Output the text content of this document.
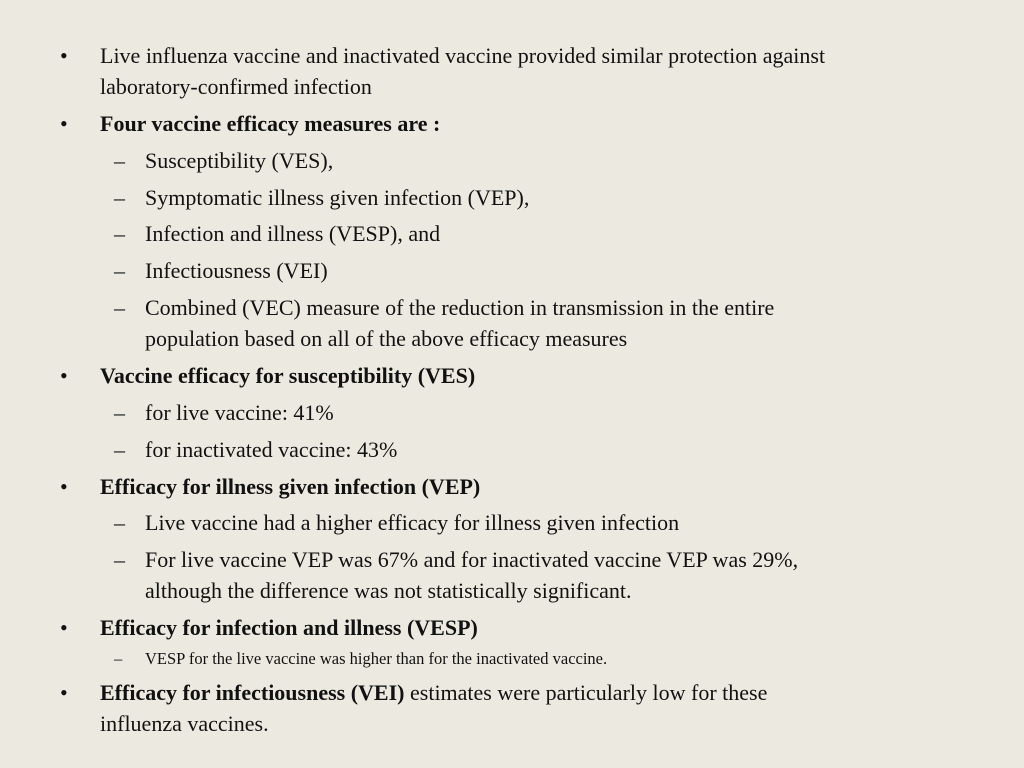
• Live influenza vaccine and inactivated vaccine provided similar protection against
laboratory-confirmed infection
• Four vaccine efficacy measures are :
– Susceptibility (VES),
– Symptomatic illness given infection (VEP),
– Infection and illness (VESP), and
– Infectiousness (VEI)
– Combined (VEC) measure of the reduction in transmission in the entire
population based on all of the above efficacy measures
• Vaccine efficacy for susceptibility (VES)
– for live vaccine: 41%
– for inactivated vaccine: 43%
• Efficacy for illness given infection (VEP)
– Live vaccine had a higher efficacy for illness given infection
– For live vaccine VEP was 67% and for inactivated vaccine VEP was 29%,
although the difference was not statistically significant.
• Efficacy for infection and illness (VESP)
– VESP for the live vaccine was higher than for the inactivated vaccine.
• Efficacy for infectiousness (VEI) estimates were particularly low for these
influenza vaccines.
